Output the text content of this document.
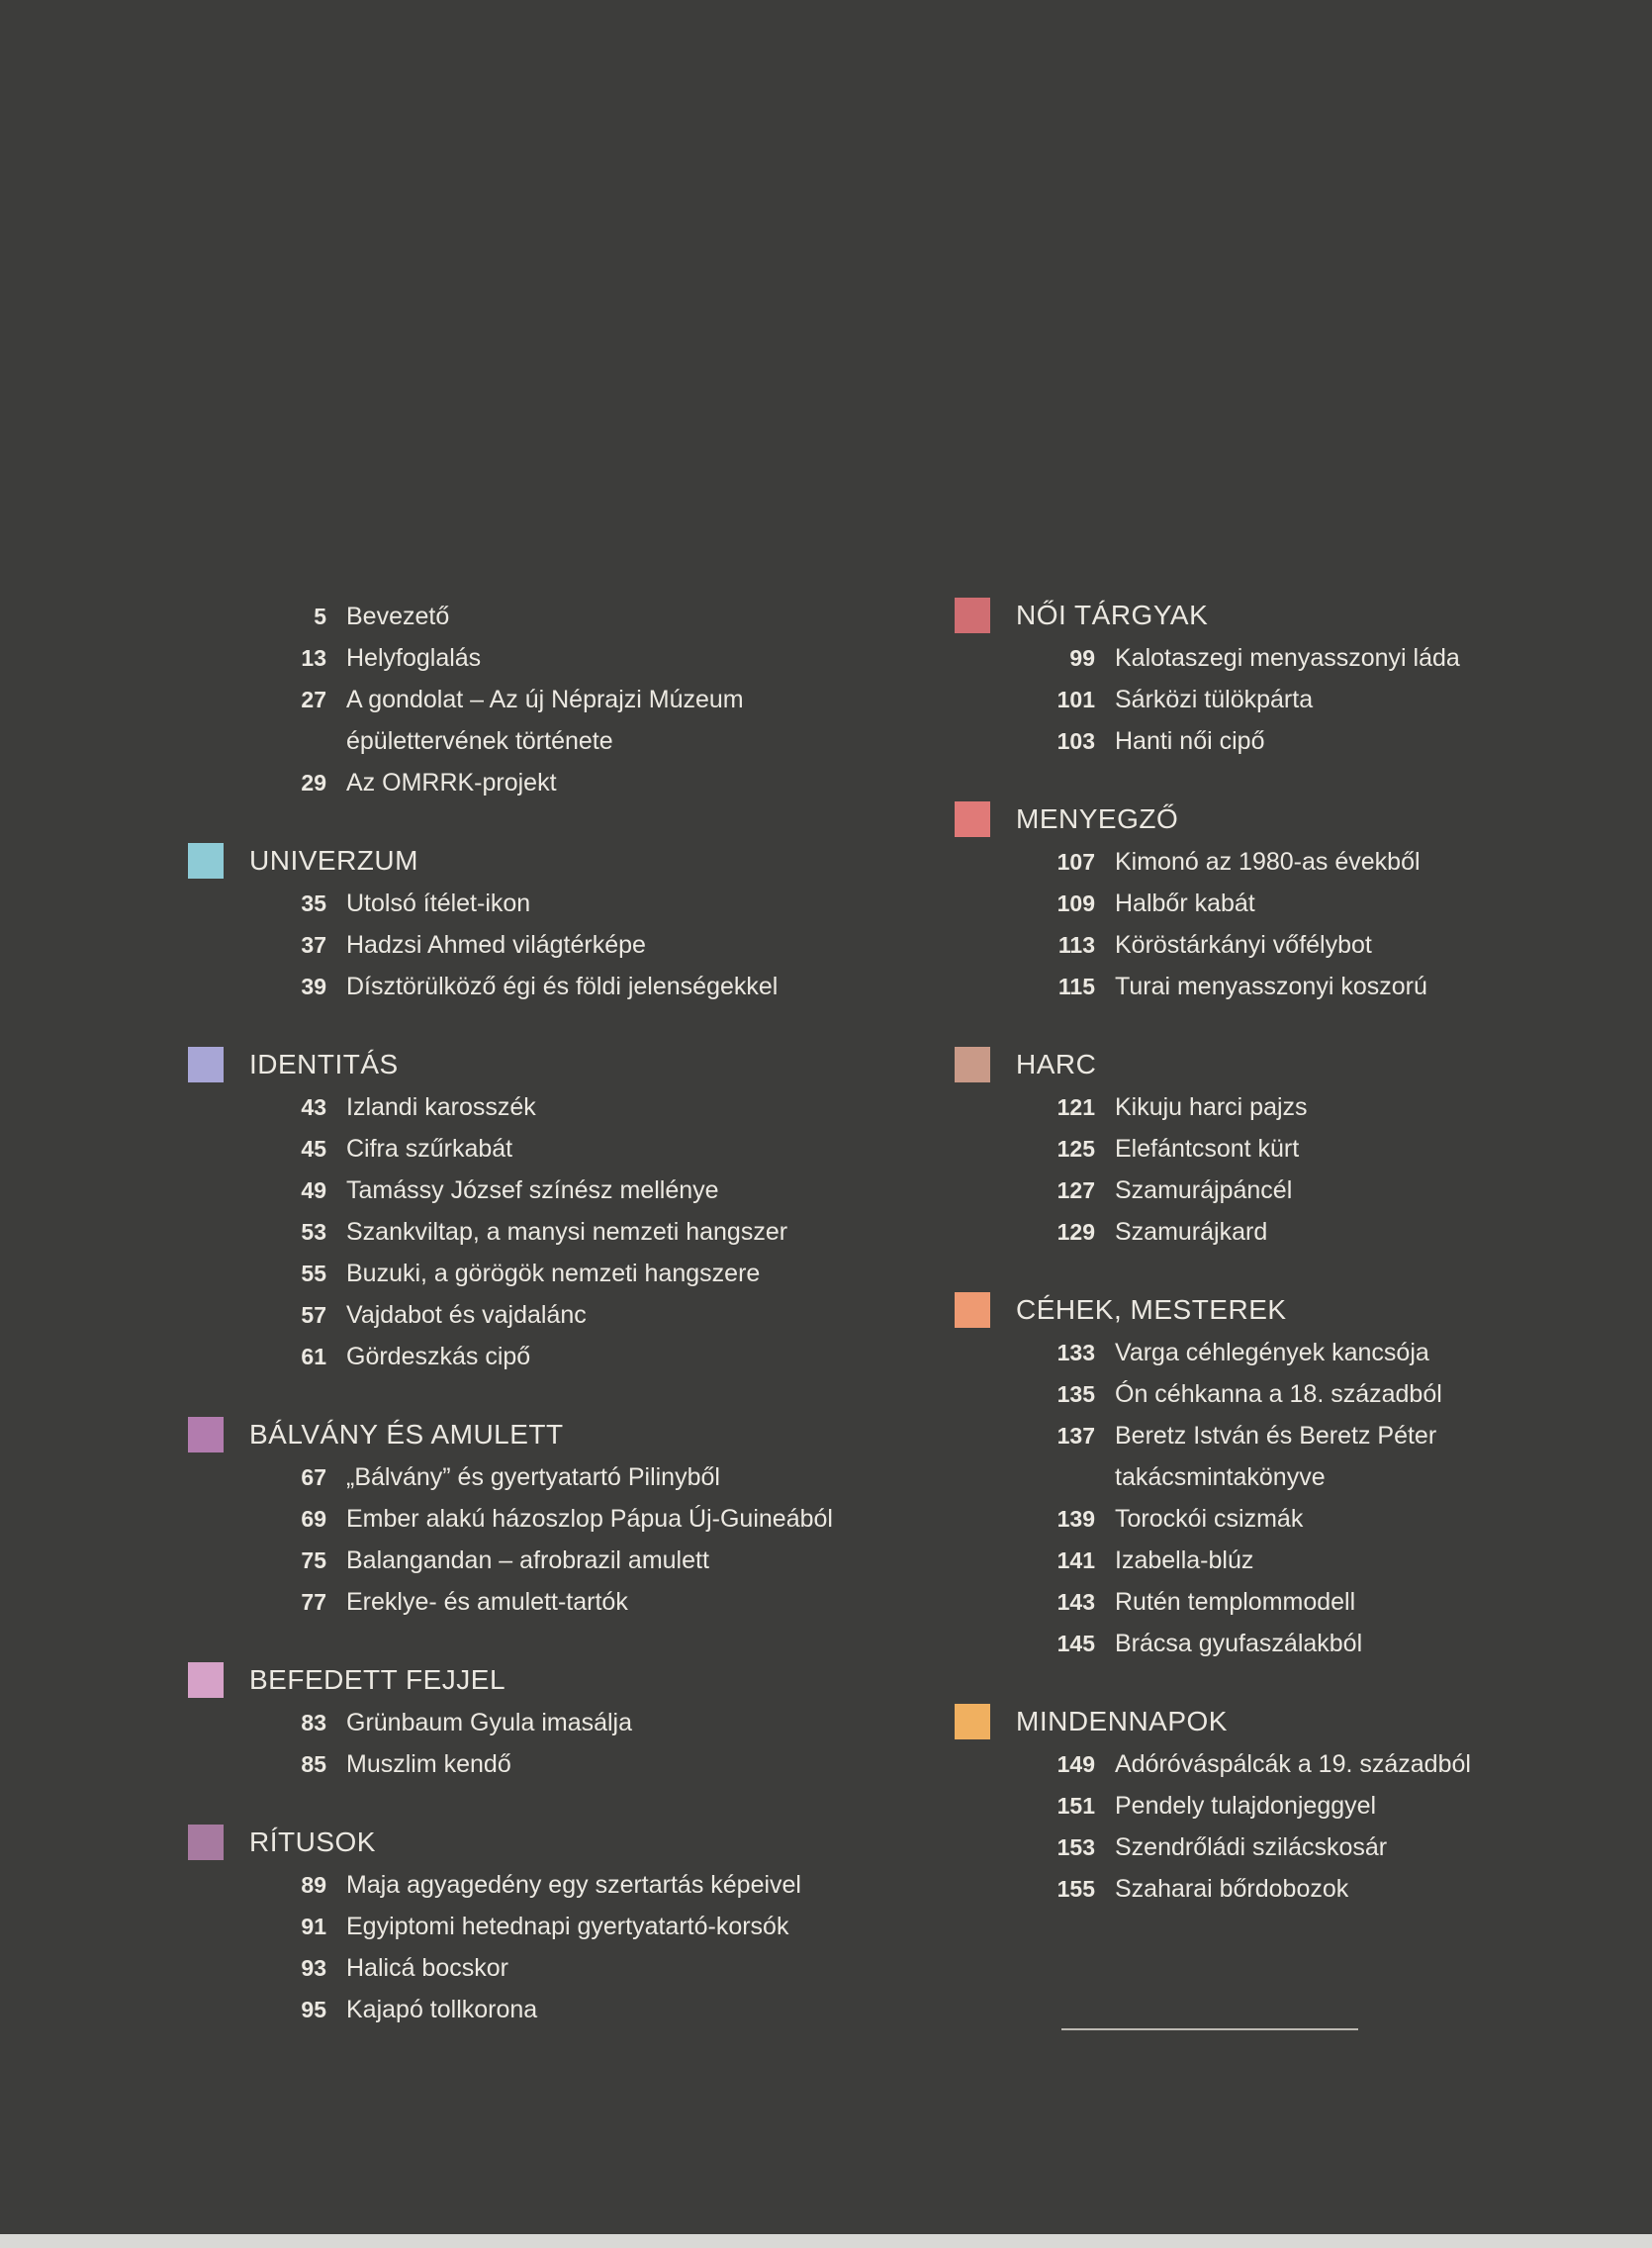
5 Bevezető
13 Helyfoglalás
27 A gondolat – Az új Néprajzi Múzeum
épülettervének története
29 Az OMRRK-projekt
UNIVERZUM
35 Utolsó ítélet-ikon
37 Hadzsi Ahmed világtérképe
39 Dísztörülköző égi és földi jelenségekkel
IDENTITÁS
43 Izlandi karosszék
45 Cifra szűrkabát
49 Tamássy József színész mellénye
53 Szankviltap, a manysi nemzeti hangszer
55 Buzuki, a görögök nemzeti hangszere
57 Vajdabot és vajdalánc
61 Gördeszkás cipő
BÁLVÁNY ÉS AMULETT
67 „Bálvány” és gyertyatartó Pilinyből
69 Ember alakú házoszlop Pápua Új-Guineából
75 Balangandan – afrobrazil amulett
77 Ereklye- és amulett-tartók
BEFEDETT FEJJEL
83 Grünbaum Gyula imasálja
85 Muszlim kendő
RÍTUSOK
89 Maja agyagedény egy szertartás képeivel
91 Egyiptomi hetednapi gyertyatartó-korsók
93 Halicá bocskor
95 Kajapó tollkorona
NŐI TÁRGYAK
99 Kalotaszegi menyasszonyi láda
101 Sárközi tülökpárta
103 Hanti női cipő
MENYEGZŐ
107 Kimonó az 1980-as évekből
109 Halbőr kabát
113 Köröstárkányi vőfélybot
115 Turai menyasszonyi koszorú
HARC
121 Kikuju harci pajzs
125 Elefántcsont kürt
127 Szamurájpáncél
129 Szamurájkard
CÉHEK, MESTEREK
133 Varga céhlegények kancsója
135 Ón céhkanna a 18. századból
137 Beretz István és Beretz Péter
takácsmintakönyve
139 Torockói csizmák
141 Izabella-blúz
143 Rutén templommodell
145 Brácsa gyufaszálakból
MINDENNAPOK
149 Adóróváspálcák a 19. századból
151 Pendely tulajdonjeggyel
153 Szendrőládi szilácskosár
155 Szaharai bőrdobozok
